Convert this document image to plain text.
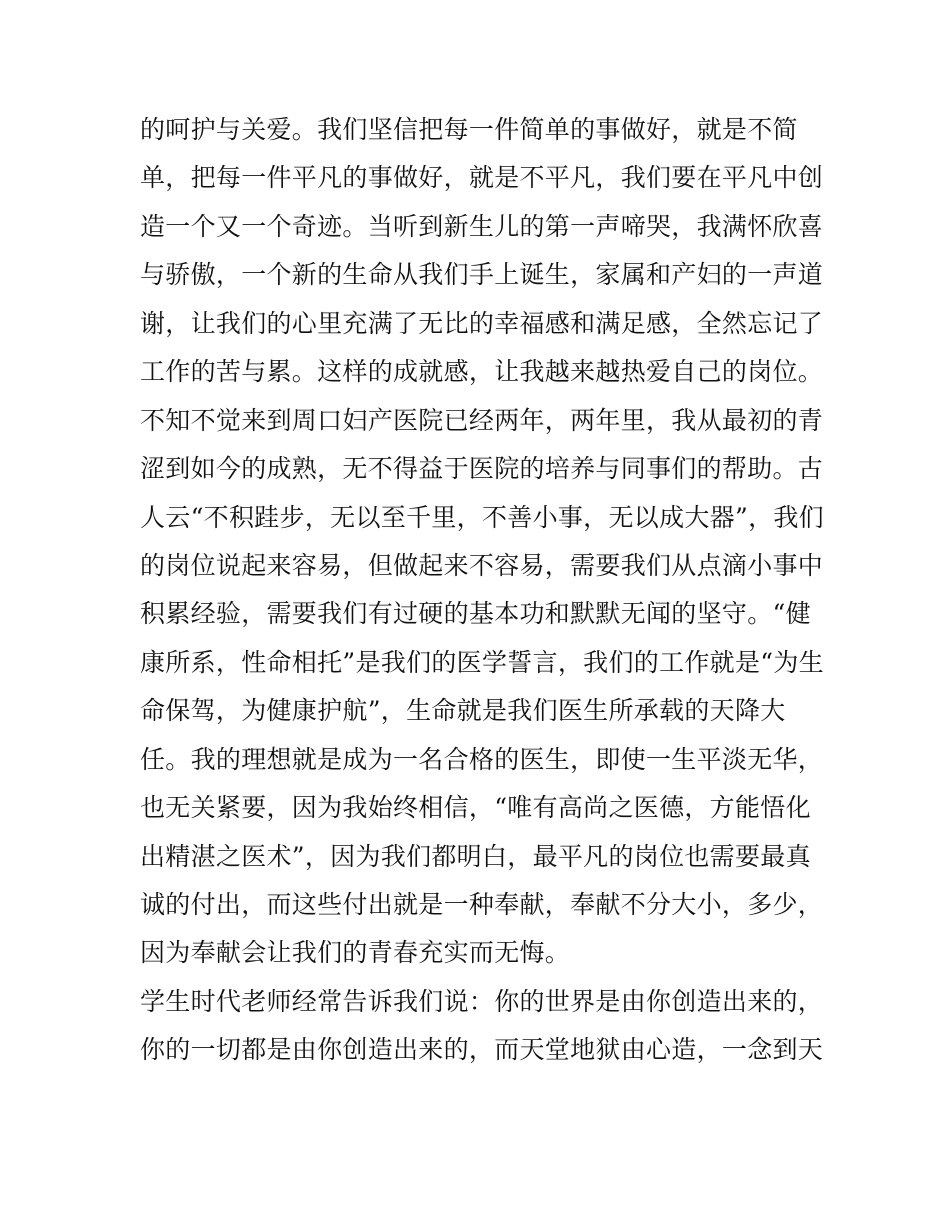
的呵护与关爱。我们坚信把每一件简单的事做好，就是不简
单，把每一件平凡的事做好，就是不平凡，我们要在平凡中创
造一个又一个奇迹。当听到新生儿的第一声啼哭，我满怀欣喜
与骄傲，一个新的生命从我们手上诞生，家属和产妇的一声道
谢，让我们的心里充满了无比的幸福感和满足感，全然忘记了
工作的苦与累。这样的成就感，让我越来越热爱自己的岗位。
不知不觉来到周口妇产医院已经两年，两年里，我从最初的青
涩到如今的成熟，无不得益于医院的培养与同事们的帮助。古
人云“不积跬步，无以至千里，不善小事，无以成大器”，我们
的岗位说起来容易，但做起来不容易，需要我们从点滴小事中
积累经验，需要我们有过硬的基本功和默默无闻的坚守。“健
康所系，性命相托”是我们的医学誓言，我们的工作就是“为生
命保驾，为健康护航”，生命就是我们医生所承载的天降大
任。我的理想就是成为一名合格的医生，即使一生平淡无华，
也无关紧要，因为我始终相信，“唯有高尚之医德，方能悟化
出精湛之医术”，因为我们都明白，最平凡的岗位也需要最真
诚的付出，而这些付出就是一种奉献，奉献不分大小，多少，
因为奉献会让我们的青春充实而无悔。
学生时代老师经常告诉我们说：你的世界是由你创造出来的，
你的一切都是由你创造出来的，而天堂地狱由心造，一念到天
